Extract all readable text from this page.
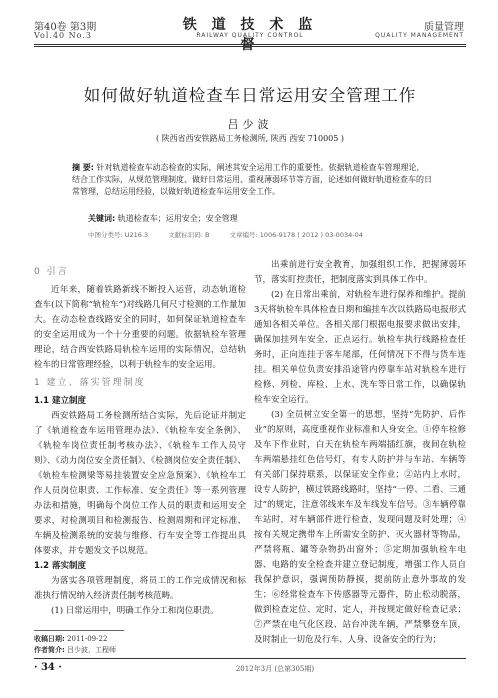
第40卷 第3期
Vol.40 No.3
铁 道 技 术 监 督
RAILWAY QUALITY CONTROL
质量管理
QUALITY MANAGEMENT
如何做好轨道检查车日常运用安全管理工作
吕少波
( 陕西省西安铁路局工务检测所, 陕西 西安 710005 )
摘 要: 针对轨道检查车动态检查的实际，阐述其安全运用工作的重要性。依据轨道检查车管理理论，结合工作实际，从规范管理制度、做好日常运用、重视薄弱环节等方面，论述如何做好轨道检查车的日常管理，总结运用经验，以做好轨道检查车运用安全工作。
关键词: 轨道检查车；运用安全；安全管理
中图分类号: U216.3	文献标识码: B	文章编号: 1006-9178 ( 2012 ) 03-0034-04
0 引言

近年来，随着铁路新线不断投入运营，动态轨道检查车(以下简称“轨检车”)对线路几何尺寸检测的工作量加大。在动态检查线路安全的同时，如何保证轨道检查车的安全运用成为一个十分重要的问题。依据轨检车管理理论，结合西安铁路局轨检车运用的实际情况，总结轨检车的日常管理经验，以利于轨检车的安全运用。

1 建立、落实管理制度
1.1 建立制度

西安铁路局工务检测所结合实际，先后论证并制定了《轨道检查车运用管理办法》、《轨检车安全条例》、《轨检车岗位责任制考核办法》、《轨检车工作人员守则》、《动力岗位安全责任制》、《检测岗位安全责任制》、《轨检车检测梁等易挂装置安全应急预案》、《轨检车工作人员岗位职责、工作标准、安全责任》等一系列管理办法和措施，明确每个岗位工作人员的职责和运用安全要求，对检测项目和检测报告、检测周期和评定标准、车辆及检测系统的安装与维修、行车安全等工作提出具体要求，并专题发文予以规范。

1.2 落实制度

为落实各项管理制度，将员工的工作完成情况和标准执行情况纳入经济责任制考核范畴。

(1) 日常运用中，明确工作分工和岗位职责。

出乘前进行安全教育，加强组织工作，把握薄弱环节，落实盯控责任，把制度落实到具体工作中。

(2) 在日常出乘前，对轨检车进行保养和维护。提前3天将轨检车具体检查日期和编挂车次以铁路局电报形式通知各相关单位。各相关部门根据电报要求做出安排，确保加挂列车安全、正点运行。轨检车执行线路检查任务时，正向连挂于客车尾部，任何情况下不得与货车连挂。相关单位负责安排沿途管内停靠车站对轨检车进行检修、列检、库检、上水、洗车等日常工作，以确保轨检车安全运行。

(3) 全员树立安全第一的思想，坚持“先防护、后作业”的原则，高度重视作业标准和人身安全。①停车检修及车下作业时，白天在轨检车两端插红旗，夜间在轨检车两端悬挂红色信号灯，有专人防护并与车站、车辆等有关部门保持联系，以保证安全作业；②站内上水时，设专人防护，横过铁路线路时，坚持“一停、二看、三通过”的规定，注意邻线来车及车线发车信号。③车辆停靠车站时，对车辆部件进行检查，发现问题及时处理；④按有关规定携带车上所需安全防护、灭火器材等物品，严禁将瓶、罐等杂物扔出窗外；⑤定期加强轨检车电器、电路的安全检查并建立登记制度，增强工作人员自我保护意识，强调预防静摸，提前防止意外事故的发生；⑥经常检查车下传感器等元器件，防止松动脱落，做到检查定位、定时、定人，并按规定做好检查记录；⑦严禁在电气化区段、站台冲洗车辆，严禁攀登车顶，及时制止一切危及行车、人身、设备安全的行为；

收稿日期: 2011-09-22
作者简介: 吕少波，工程师
· 34 ·	2012年3月 (总第305期)
